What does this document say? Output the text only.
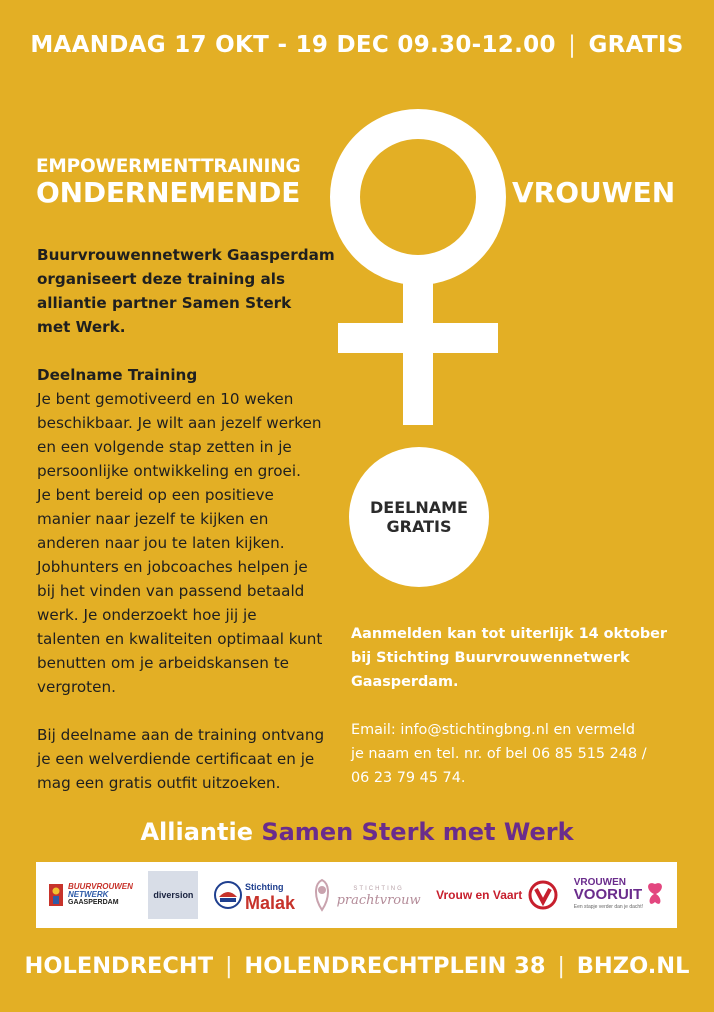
MAANDAG 17 OKT - 19 DEC 09.30-12.00 | GRATIS
EMPOWERMENTTRAINING
ONDERNEMENDE	VROUWEN
DEELNAME
GRATIS

Buurvrouwennetwerk Gaasperdam

organiseert deze training als

alliantie partner Samen Sterk

met Werk.

Deelname Training

Je bent gemotiveerd en 10 weken

beschikbaar. Je wilt aan jezelf werken

en een volgende stap zetten in je

persoonlijke ontwikkeling en groei.

Je bent bereid op een positieve

manier naar jezelf te kijken en

anderen naar jou te laten kijken.

Jobhunters en jobcoaches helpen je

bij het vinden van passend betaald

werk. Je onderzoekt hoe jij je

talenten en kwaliteiten optimaal kunt

benutten om je arbeidskansen te

vergroten.

Bij deelname aan de training ontvang

je een welverdiende certificaat en je

mag een gratis outfit uitzoeken.

Aanmelden kan tot uiterlijk 14 oktober

bij Stichting Buurvrouwennetwerk

Gaasperdam.

Email: info@stichtingbng.nl en vermeld

je naam en tel. nr. of bel 06 85 515 248 /

06 23 79 45 74.

Alliantie Samen Sterk met Werk
BUURVROUWEN
NETWERK
GAASPERDAM
diversion
Stichting
Malak
STICHTING
prachtvrouw Vrouw en Vaart
VROUWEN
VOORUIT
Een stapje verder dan je dacht!
HOLENDRECHT | HOLENDRECHTPLEIN 38 | BHZO.NL
